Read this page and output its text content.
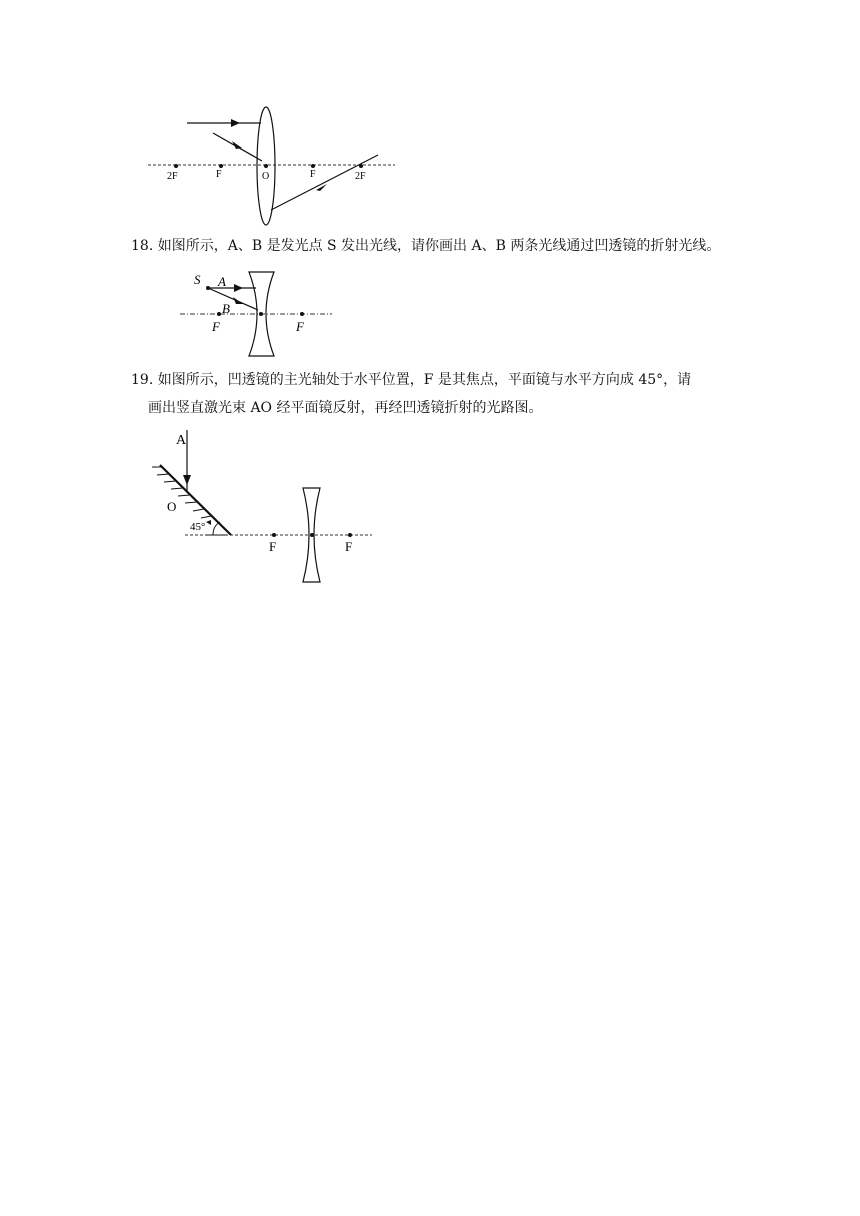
2F	F	O	F	2F
18. 如图所示，A、B 是发光点 S 发出光线，请你画出 A、B 两条光线通过凹透镜的折射光线。
S A
B
F	F
19. 如图所示，凹透镜的主光轴处于水平位置，F 是其焦点，平面镜与水平方向成 45°，请
画出竖直激光束 AO 经平面镜反射，再经凹透镜折射的光路图。
A
O
45°
F	F
